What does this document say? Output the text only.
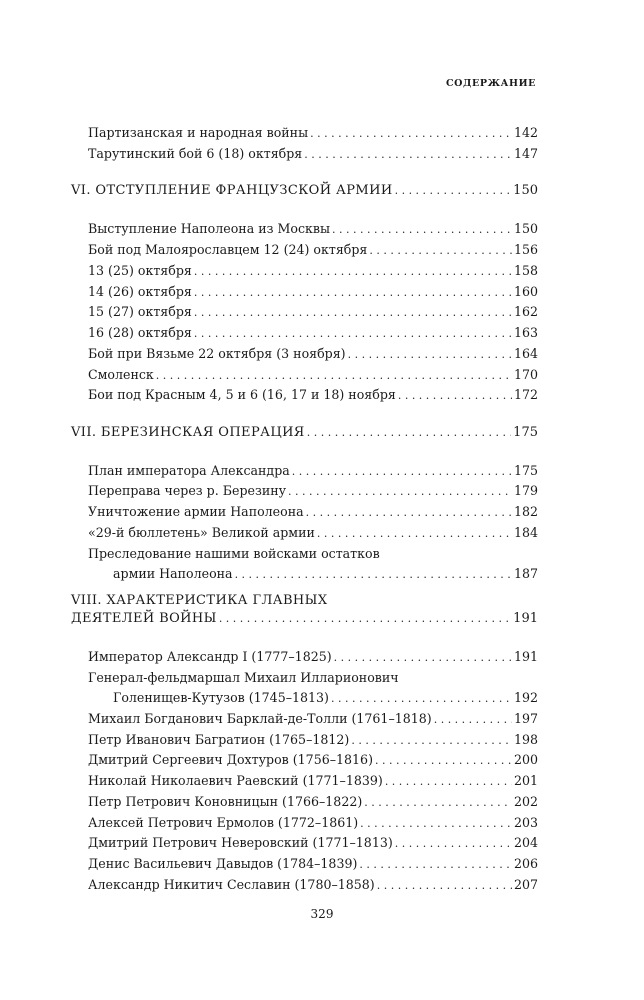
СОДЕРЖАНИЕ
Партизанская и народная войны . . .	142
Тарутинский бой 6 (18) октября . . .	147
VI. ОТСТУПЛЕНИЕ ФРАНЦУЗСКОЙ АРМИИ . . .	150
Выступление Наполеона из Москвы . . .	150
Бой под Малоярославцем 12 (24) октября . . .	156
13 (25) октября . . .	158
14 (26) октября . . .	160
15 (27) октября . . .	162
16 (28) октября . . .	163
Бой при Вязьме 22 октября (3 ноября) . . .	164
Смоленск . . .	170
Бои под Красным 4, 5 и 6 (16, 17 и 18) ноября . . .	172
VII. БЕРЕЗИНСКАЯ ОПЕРАЦИЯ . . .	175
План императора Александра . . .	175
Переправа через р. Березину . . .	179
Уничтожение армии Наполеона . . .	182
«29-й бюллетень» Великой армии . . .	184
Преследование нашими войсками остатков
армии Наполеона . . .	187
VIII. ХАРАКТЕРИСТИКА ГЛАВНЫХ
ДЕЯТЕЛЕЙ ВОЙНЫ . . .	191
Император Александр I (1777–1825) . . .	191
Генерал-фельдмаршал Михаил Илларионович
Голенищев-Кутузов (1745–1813) . . .	192
Михаил Богданович Барклай-де-Толли (1761–1818) . . .	197
Петр Иванович Багратион (1765–1812) . . .	198
Дмитрий Сергеевич Дохтуров (1756–1816) . . .	200
Николай Николаевич Раевский (1771–1839) . . .	201
Петр Петрович Коновницын (1766–1822) . . .	202
Алексей Петрович Ермолов (1772–1861) . . .	203
Дмитрий Петрович Неверовский (1771–1813) . . .	204
Денис Васильевич Давыдов (1784–1839) . . .	206
Александр Никитич Сеславин (1780–1858) . . .	207
329
